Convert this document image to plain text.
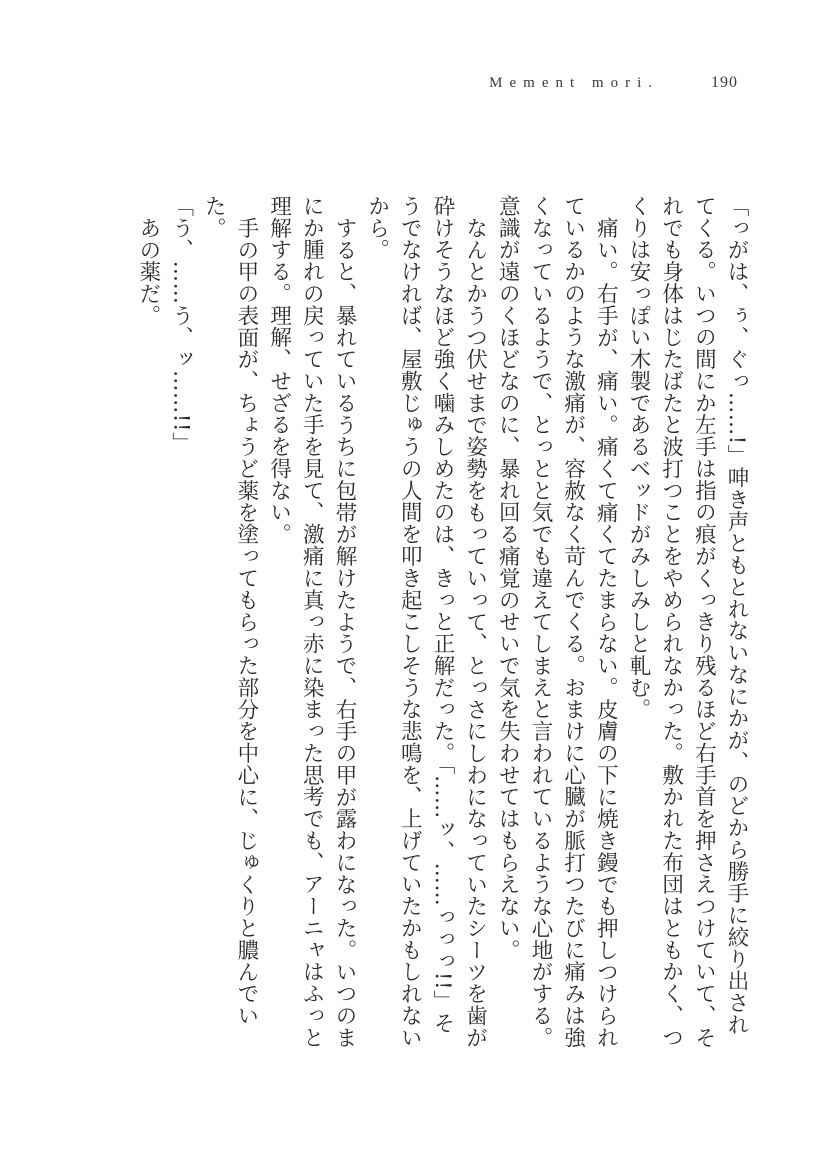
Mement mori.	190

「っがは、ぅ、ぐっ……!」呻き声ともとれないなにかが、のどから勝手に絞り出されてくる。いつの間にか左手は指の痕がくっきり残るほど右手首を押さえつけていて、それでも身体はじたばたと波打つことをやめられなかった。敷かれた布団はともかく、つくりは安っぽい木製であるベッドがみしみしと軋む。

痛い。右手が、痛い。痛くて痛くてたまらない。皮膚の下に焼き鏝でも押しつけられているかのような激痛が、容赦なく苛んでくる。おまけに心臓が脈打つたびに痛みは強くなっているようで、とっとと気でも違えてしまえと言われているような心地がする。意識が遠のくほどなのに、暴れ回る痛覚のせいで気を失わせてはもらえない。

なんとかうつ伏せまで姿勢をもっていって、とっさにしわになっていたシーツを歯が砕けそうなほど強く噛みしめたのは、きっと正解だった。「……ッ、……っっっ!!」そうでなければ、屋敷じゅうの人間を叩き起こしそうな悲鳴を、上げていたかもしれないから。

すると、暴れているうちに包帯が解けたようで、右手の甲が露わになった。いつのまにか腫れの戻っていた手を見て、激痛に真っ赤に染まった思考でも、アーニャはふっと理解する。理解、せざるを得ない。

手の甲の表面が、ちょうど薬を塗ってもらった部分を中心に、じゅくりと膿んでいた。

「う、……う、ッ……!!」

あの薬だ。
